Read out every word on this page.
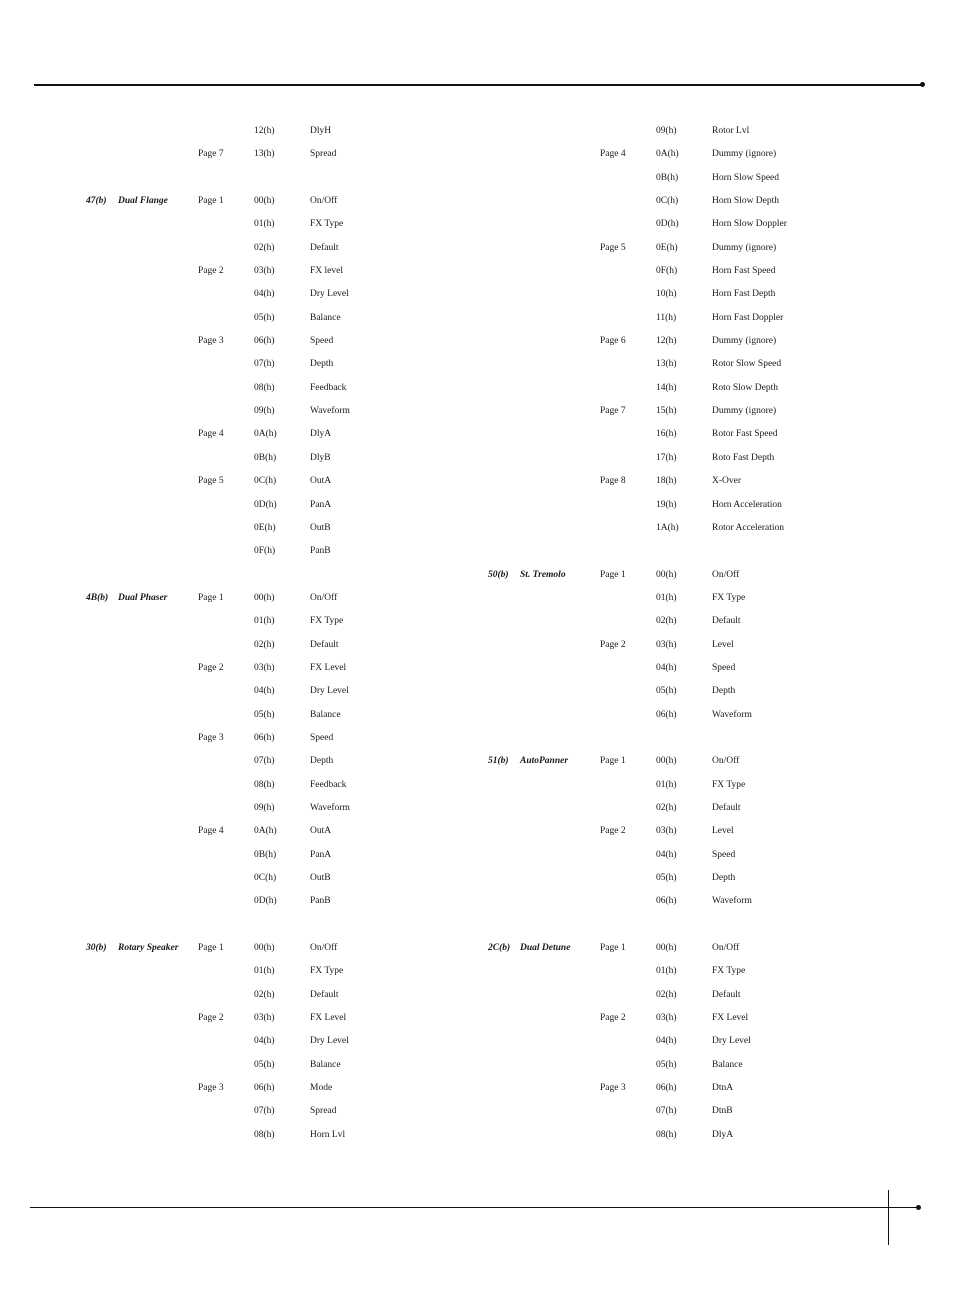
12(h)	DlyH
Page 7	13(h)	Spread
47(b) Dual Flange	Page 1	00(h)	On/Off
01(h)	FX Type
02(h)	Default
Page 2	03(h)	FX level
04(h)	Dry Level
05(h)	Balance
Page 3	06(h)	Speed
07(h)	Depth
08(h)	Feedback
09(h)	Waveform
Page 4	0A(h)	DlyA
0B(h)	DlyB
Page 5	0C(h)	OutA
0D(h)	PanA
0E(h)	OutB
0F(h)	PanB
4B(b) Dual Phaser	Page 1	00(h)	On/Off
01(h)	FX Type
02(h)	Default
Page 2	03(h)	FX Level
04(h)	Dry Level
05(h)	Balance
Page 3	06(h)	Speed
07(h)	Depth
08(h)	Feedback
09(h)	Waveform
Page 4	0A(h)	OutA
0B(h)	PanA
0C(h)	OutB
0D(h)	PanB
30(b) Rotary Speaker Page 1	00(h)	On/Off
01(h)	FX Type
02(h)	Default
Page 2	03(h)	FX Level
04(h)	Dry Level
05(h)	Balance
Page 3	06(h)	Mode
07(h)	Spread
08(h)	Horn Lvl
09(h)	Rotor Lvl
Page 4	0A(h)	Dummy (ignore)
0B(h)	Horn Slow Speed
0C(h)	Horn Slow Depth
0D(h)	Horn Slow Doppler
Page 5	0E(h)	Dummy (ignore)
0F(h)	Horn Fast Speed
10(h)	Horn Fast Depth
11(h)	Horn Fast Doppler
Page 6	12(h)	Dummy (ignore)
13(h)	Rotor Slow Speed
14(h)	Roto Slow Depth
Page 7	15(h)	Dummy (ignore)
16(h)	Rotor Fast Speed
17(h)	Roto Fast Depth
Page 8	18(h)	X-Over
19(h)	Horn Acceleration
1A(h)	Rotor Acceleration
50(b) St. Tremolo	Page 1	00(h)	On/Off
01(h)	FX Type
02(h)	Default
Page 2	03(h)	Level
04(h)	Speed
05(h)	Depth
06(h)	Waveform
51(b) AutoPanner	Page 1	00(h)	On/Off
01(h)	FX Type
02(h)	Default
Page 2	03(h)	Level
04(h)	Speed
05(h)	Depth
06(h)	Waveform
2C(b) Dual Detune	Page 1	00(h)	On/Off
01(h)	FX Type
02(h)	Default
Page 2	03(h)	FX Level
04(h)	Dry Level
05(h)	Balance
Page 3	06(h)	DtnA
07(h)	DtnB
08(h)	DlyA
